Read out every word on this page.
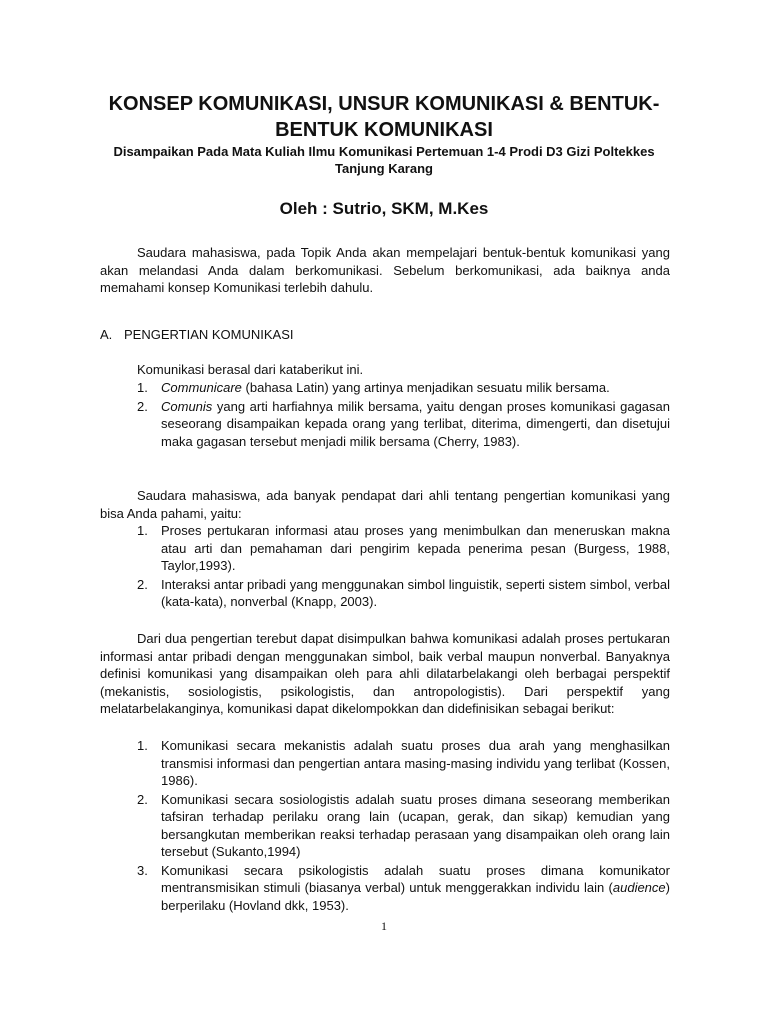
KONSEP KOMUNIKASI, UNSUR KOMUNIKASI & BENTUK-BENTUK KOMUNIKASI
Disampaikan Pada Mata Kuliah Ilmu Komunikasi Pertemuan 1-4 Prodi D3 Gizi Poltekkes Tanjung Karang
Oleh : Sutrio, SKM, M.Kes
Saudara mahasiswa, pada Topik Anda akan mempelajari bentuk-bentuk komunikasi yang akan melandasi Anda dalam berkomunikasi. Sebelum berkomunikasi, ada baiknya anda memahami konsep Komunikasi terlebih dahulu.
A. PENGERTIAN KOMUNIKASI
Komunikasi berasal dari kataberikut ini.
1. Communicare (bahasa Latin) yang artinya menjadikan sesuatu milik bersama.
2. Comunis yang arti harfiahnya milik bersama, yaitu dengan proses komunikasi gagasan seseorang disampaikan kepada orang yang terlibat, diterima, dimengerti, dan disetujui maka gagasan tersebut menjadi milik bersama (Cherry, 1983).
Saudara mahasiswa, ada banyak pendapat dari ahli tentang pengertian komunikasi yang bisa Anda pahami, yaitu:
1. Proses pertukaran informasi atau proses yang menimbulkan dan meneruskan makna atau arti dan pemahaman dari pengirim kepada penerima pesan (Burgess, 1988, Taylor,1993).
2. Interaksi antar pribadi yang menggunakan simbol linguistik, seperti sistem simbol, verbal (kata-kata), nonverbal (Knapp, 2003).
Dari dua pengertian terebut dapat disimpulkan bahwa komunikasi adalah proses pertukaran informasi antar pribadi dengan menggunakan simbol, baik verbal maupun nonverbal. Banyaknya definisi komunikasi yang disampaikan oleh para ahli dilatarbelakangi oleh berbagai perspektif (mekanistis, sosiologistis, psikologistis, dan antropologistis). Dari perspektif yang melatarbelakanginya, komunikasi dapat dikelompokkan dan didefinisikan sebagai berikut:
1. Komunikasi secara mekanistis adalah suatu proses dua arah yang menghasilkan transmisi informasi dan pengertian antara masing-masing individu yang terlibat (Kossen, 1986).
2. Komunikasi secara sosiologistis adalah suatu proses dimana seseorang memberikan tafsiran terhadap perilaku orang lain (ucapan, gerak, dan sikap) kemudian yang bersangkutan memberikan reaksi terhadap perasaan yang disampaikan oleh orang lain tersebut (Sukanto,1994)
3. Komunikasi secara psikologistis adalah suatu proses dimana komunikator mentransmisikan stimuli (biasanya verbal) untuk menggerakkan individu lain (audience) berperilaku (Hovland dkk, 1953).
1
